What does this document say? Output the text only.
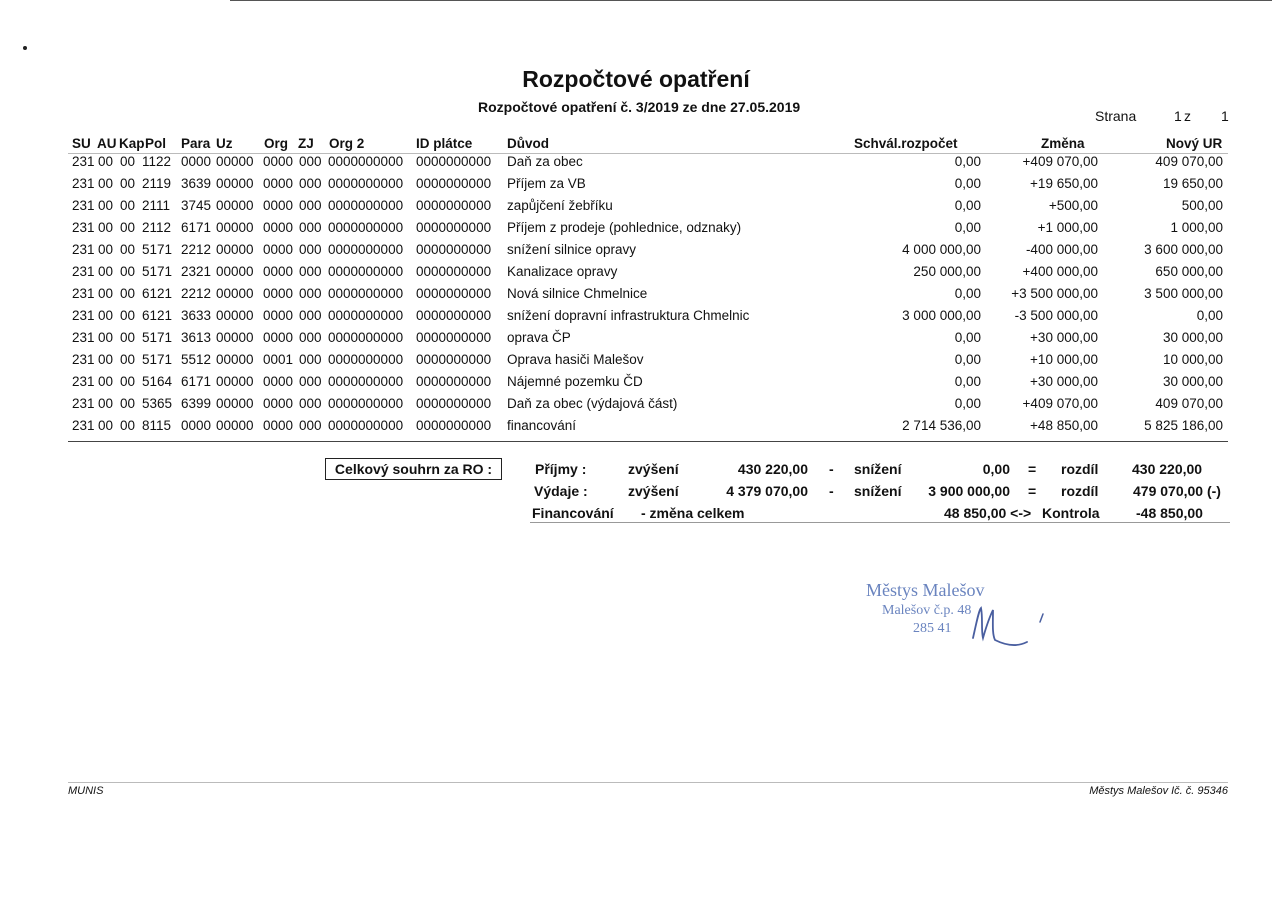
Rozpočtové opatření
Rozpočtové opatření č. 3/2019 ze dne 27.05.2019
Strana	1 z 1
SU AU Kap Pol Para Uz Org ZJ Org 2	ID plátce	Důvod	Schvál.rozpočet	Změna	Nový UR
231 00 00 1122 0000 00000 0000 000 0000000000 0000000000 Daň za obec	0,00	+409 070,00	409 070,00
231 00 00 2119 3639 00000 0000 000 0000000000 0000000000 Příjem za VB	0,00	+19 650,00	19 650,00
231 00 00 2111 3745 00000 0000 000 0000000000 0000000000 zapůjčení žebříku	0,00	+500,00	500,00
231 00 00 2112 6171 00000 0000 000 0000000000 0000000000 Příjem z prodeje (pohlednice, odznaky)	0,00	+1 000,00	1 000,00
231 00 00 5171 2212 00000 0000 000 0000000000 0000000000 snížení silnice opravy	4 000 000,00	-400 000,00	3 600 000,00
231 00 00 5171 2321 00000 0000 000 0000000000 0000000000 Kanalizace opravy	250 000,00	+400 000,00	650 000,00
231 00 00 6121 2212 00000 0000 000 0000000000 0000000000 Nová silnice Chmelnice	0,00 +3 500 000,00	3 500 000,00
231 00 00 6121 3633 00000 0000 000 0000000000 0000000000 snížení dopravní infrastruktura Chmelnic	3 000 000,00 -3 500 000,00	0,00
231 00 00 5171 3613 00000 0000 000 0000000000 0000000000 oprava ČP	0,00	+30 000,00	30 000,00
231 00 00 5171 5512 00000 0001 000 0000000000 0000000000 Oprava hasiči Malešov	0,00	+10 000,00	10 000,00
231 00 00 5164 6171 00000 0000 000 0000000000 0000000000 Nájemné pozemku ČD	0,00	+30 000,00	30 000,00
231 00 00 5365 6399 00000 0000 000 0000000000 0000000000 Daň za obec (výdajová část)	0,00	+409 070,00	409 070,00
231 00 00 8115 0000 00000 0000 000 0000000000 0000000000 financování	2 714 536,00	+48 850,00	5 825 186,00
Celkový souhrn za RO :	Příjmy :	zvýšení	430 220,00 - snížení	0,00 = rozdíl 430 220,00
Výdaje :	zvýšení	4 379 070,00 - snížení 3 900 000,00 = rozdíl 479 070,00 (-)
Financování - změna celkem	48 850,00 <-> Kontrola	-48 850,00
Městys Malešov
Malešov č.p. 48
285 41
MUNIS	Městys Malešov Ič. č. 95346
